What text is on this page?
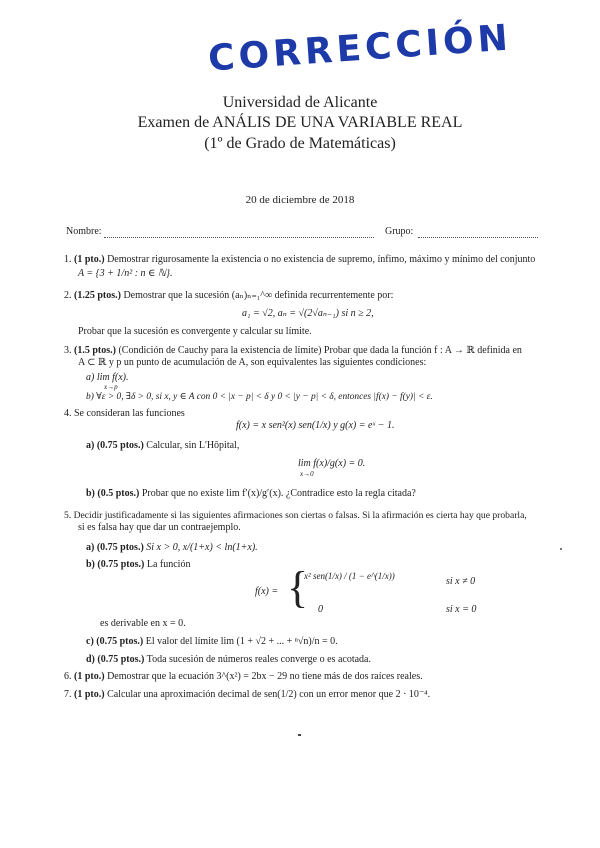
CORRECCIÓN
Universidad de Alicante
Examen de ANÁLIS DE UNA VARIABLE REAL
(1º de Grado de Matemáticas)
20 de diciembre de 2018
Nombre:	Grupo:
1. (1 pto.) Demostrar rigurosamente la existencia o no existencia de supremo, ínfimo, máximo y mínimo del conjunto
A = {3 + 1/n² : n ∈ ℕ}.
2. (1.25 ptos.) Demostrar que la sucesión (aₙ)ₙ₌₁^∞ definida recurrentemente por:
a₁ = √2, aₙ = √(2√aₙ₋₁) si n ≥ 2,
Probar que la sucesión es convergente y calcular su límite.
3. (1.5 ptos.) (Condición de Cauchy para la existencia de límite) Probar que dada la función f : A → ℝ definida en
A ⊂ ℝ y p un punto de acumulación de A, son equivalentes las siguientes condiciones:
a) lim f(x).
x→p
b) ∀ε > 0, ∃δ > 0, si x, y ∈ A con 0 < |x − p| < δ y 0 < |y − p| < δ, entonces |f(x) − f(y)| < ε.
4. Se consideran las funciones
f(x) = x sen²(x) sen(1/x) y g(x) = eˣ − 1.
a) (0.75 ptos.) Calcular, sin L'Hôpital,
lim f(x)/g(x) = 0.
x→0
b) (0.5 ptos.) Probar que no existe lim f′(x)/g′(x). ¿Contradice esto la regla citada?
5. Decidir justificadamente si las siguientes afirmaciones son ciertas o falsas. Si la afirmación es cierta hay que probarla,
si es falsa hay que dar un contraejemplo.
a) (0.75 ptos.) Si x > 0, x/(1+x) < ln(1+x).
b) (0.75 ptos.) La función
f(x) = {
x² sen(1/x) / (1 − e^(1/x))	si x ≠ 0
0	si x = 0
es derivable en x = 0.
c) (0.75 ptos.) El valor del límite lim (1 + √2 + ... + ⁿ√n)/n = 0.
d) (0.75 ptos.) Toda sucesión de números reales converge o es acotada.
6. (1 pto.) Demostrar que la ecuación 3^(x²) = 2bx − 29 no tiene más de dos raíces reales.
7. (1 pto.) Calcular una aproximación decimal de sen(1/2) con un error menor que 2 · 10⁻⁴.
